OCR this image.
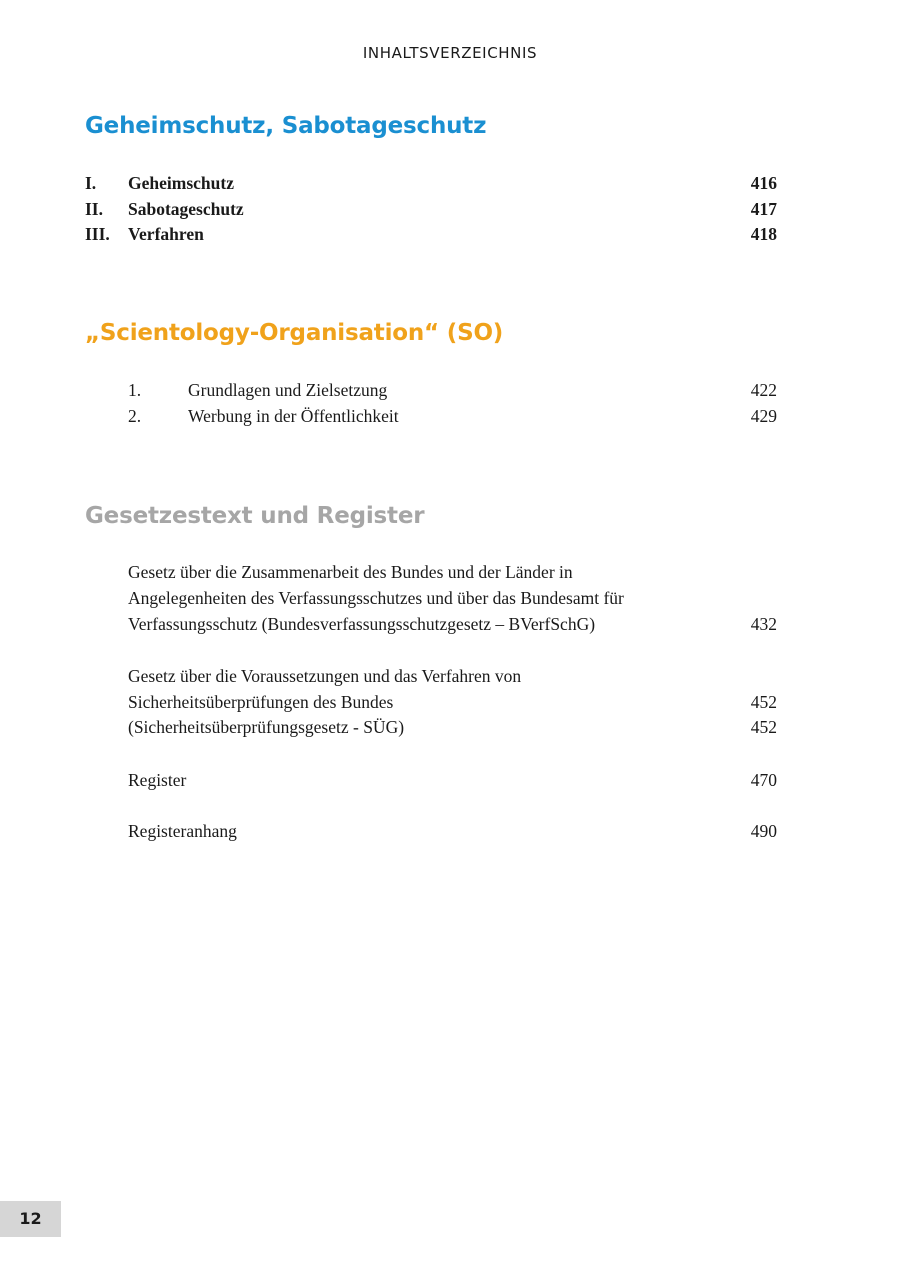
INHALTSVERZEICHNIS
Geheimschutz, Sabotageschutz
I. Geheimschutz	416
II. Sabotageschutz	417
III. Verfahren	418
„Scientology-Organisation“ (SO)
1.	Grundlagen und Zielsetzung	422
2.	Werbung in der Öffentlichkeit	429
Gesetzestext und Register
Gesetz über die Zusammenarbeit des Bundes und der Länder in
Angelegenheiten des Verfassungsschutzes und über das Bundesamt für
Verfassungsschutz (Bundesverfassungsschutzgesetz – BVerfSchG)	432
Gesetz über die Voraussetzungen und das Verfahren von
Sicherheitsüberprüfungen des Bundes	452
(Sicherheitsüberprüfungsgesetz - SÜG)	452
Register	470
Registeranhang	490
12
